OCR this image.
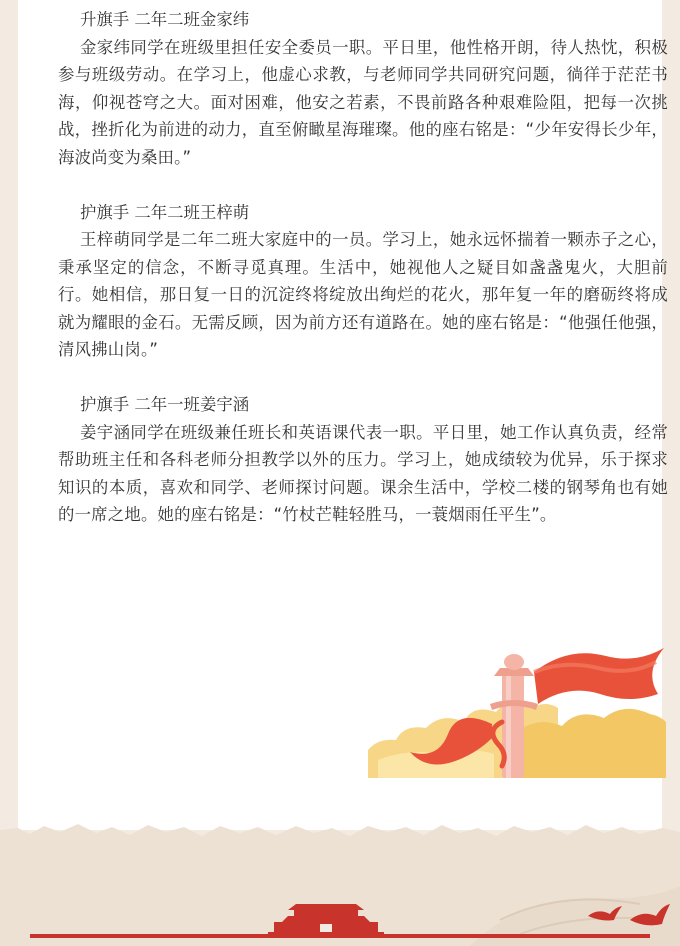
升旗手 二年二班金家纬

金家纬同学在班级里担任安全委员一职。平日里，他性格开朗，待人热忱，积极参与班级劳动。在学习上，他虚心求教，与老师同学共同研究问题，徜徉于茫茫书海，仰视苍穹之大。面对困难，他安之若素，不畏前路各种艰难险阻，把每一次挑战，挫折化为前进的动力，直至俯瞰星海璀璨。他的座右铭是：“少年安得长少年，海波尚变为桑田。”

护旗手 二年二班王梓萌

王梓萌同学是二年二班大家庭中的一员。学习上，她永远怀揣着一颗赤子之心，秉承坚定的信念，不断寻觅真理。生活中，她视他人之疑目如盏盏鬼火，大胆前行。她相信，那日复一日的沉淀终将绽放出绚烂的花火，那年复一年的磨砺终将成就为耀眼的金石。无需反顾，因为前方还有道路在。她的座右铭是：“他强任他强，清风拂山岗。”

护旗手 二年一班姜宇涵

姜宇涵同学在班级兼任班长和英语课代表一职。平日里，她工作认真负责，经常帮助班主任和各科老师分担教学以外的压力。学习上，她成绩较为优异，乐于探求知识的本质，喜欢和同学、老师探讨问题。课余生活中，学校二楼的钢琴角也有她的一席之地。她的座右铭是：“竹杖芒鞋轻胜马，一蓑烟雨任平生”。
